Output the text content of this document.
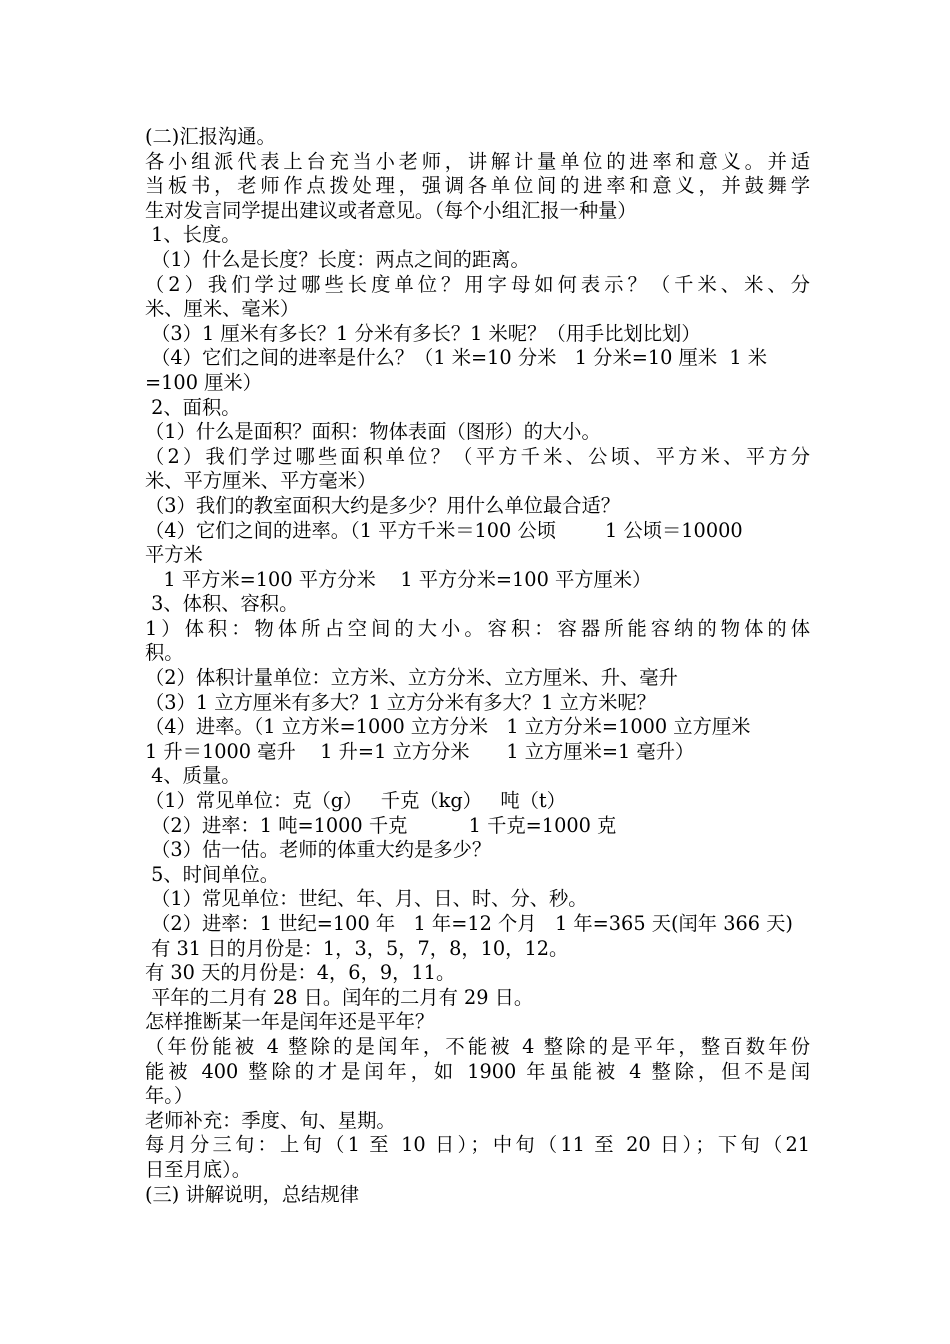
(二)汇报沟通。
各小组派代表上台充当小老师，讲解计量单位的进率和意义。并适
当板书，老师作点拨处理，强调各单位间的进率和意义，并鼓舞学
生对发言同学提出建议或者意见。（每个小组汇报一种量）
1、长度。
（1）什么是长度？长度：两点之间的距离。
（2）我们学过哪些长度单位？用字母如何表示？（千米、米、分
米、厘米、毫米）
（3）1 厘米有多长？1 分米有多长？1 米呢？（用手比划比划）
（4）它们之间的进率是什么？（1 米=10 分米   1 分米=10 厘米  1 米
=100 厘米）
2、面积。
（1）什么是面积？面积：物体表面（图形）的大小。
（2）我们学过哪些面积单位？（平方千米、公顷、平方米、平方分
米、平方厘米、平方毫米）
（3）我们的教室面积大约是多少？用什么单位最合适？
（4）它们之间的进率。（1 平方千米＝100 公顷        1 公顷＝10000
平方米
1 平方米=100 平方分米    1 平方分米=100 平方厘米）
3、体积、容积。
1）体积：物体所占空间的大小。容积：容器所能容纳的物体的体
积。
（2）体积计量单位：立方米、立方分米、立方厘米、升、毫升
（3）1 立方厘米有多大？1 立方分米有多大？1 立方米呢？
（4）进率。（1 立方米=1000 立方分米   1 立方分米=1000 立方厘米
1 升＝1000 毫升    1 升=1 立方分米      1 立方厘米=1 毫升）
4、质量。
（1）常见单位：克（g）   千克（kg）   吨（t）
（2）进率：1 吨=1000 千克          1 千克=1000 克
（3）估一估。老师的体重大约是多少？
5、时间单位。
（1）常见单位：世纪、年、月、日、时、分、秒。
（2）进率：1 世纪=100 年   1 年=12 个月   1 年=365 天(闰年 366 天)
有 31 日的月份是：1，3，5，7，8，10，12。
有 30 天的月份是：4，6，9，11。
平年的二月有 28 日。闰年的二月有 29 日。
怎样推断某一年是闰年还是平年？
（年份能被 4 整除的是闰年，不能被 4 整除的是平年，整百数年份
能被 400 整除的才是闰年，如 1900 年虽能被 4 整除，但不是闰
年。）
老师补充：季度、旬、星期。
每月分三旬：上旬（1 至 10 日）；中旬（11 至 20 日）；下旬（21
日至月底）。
(三) 讲解说明，总结规律
